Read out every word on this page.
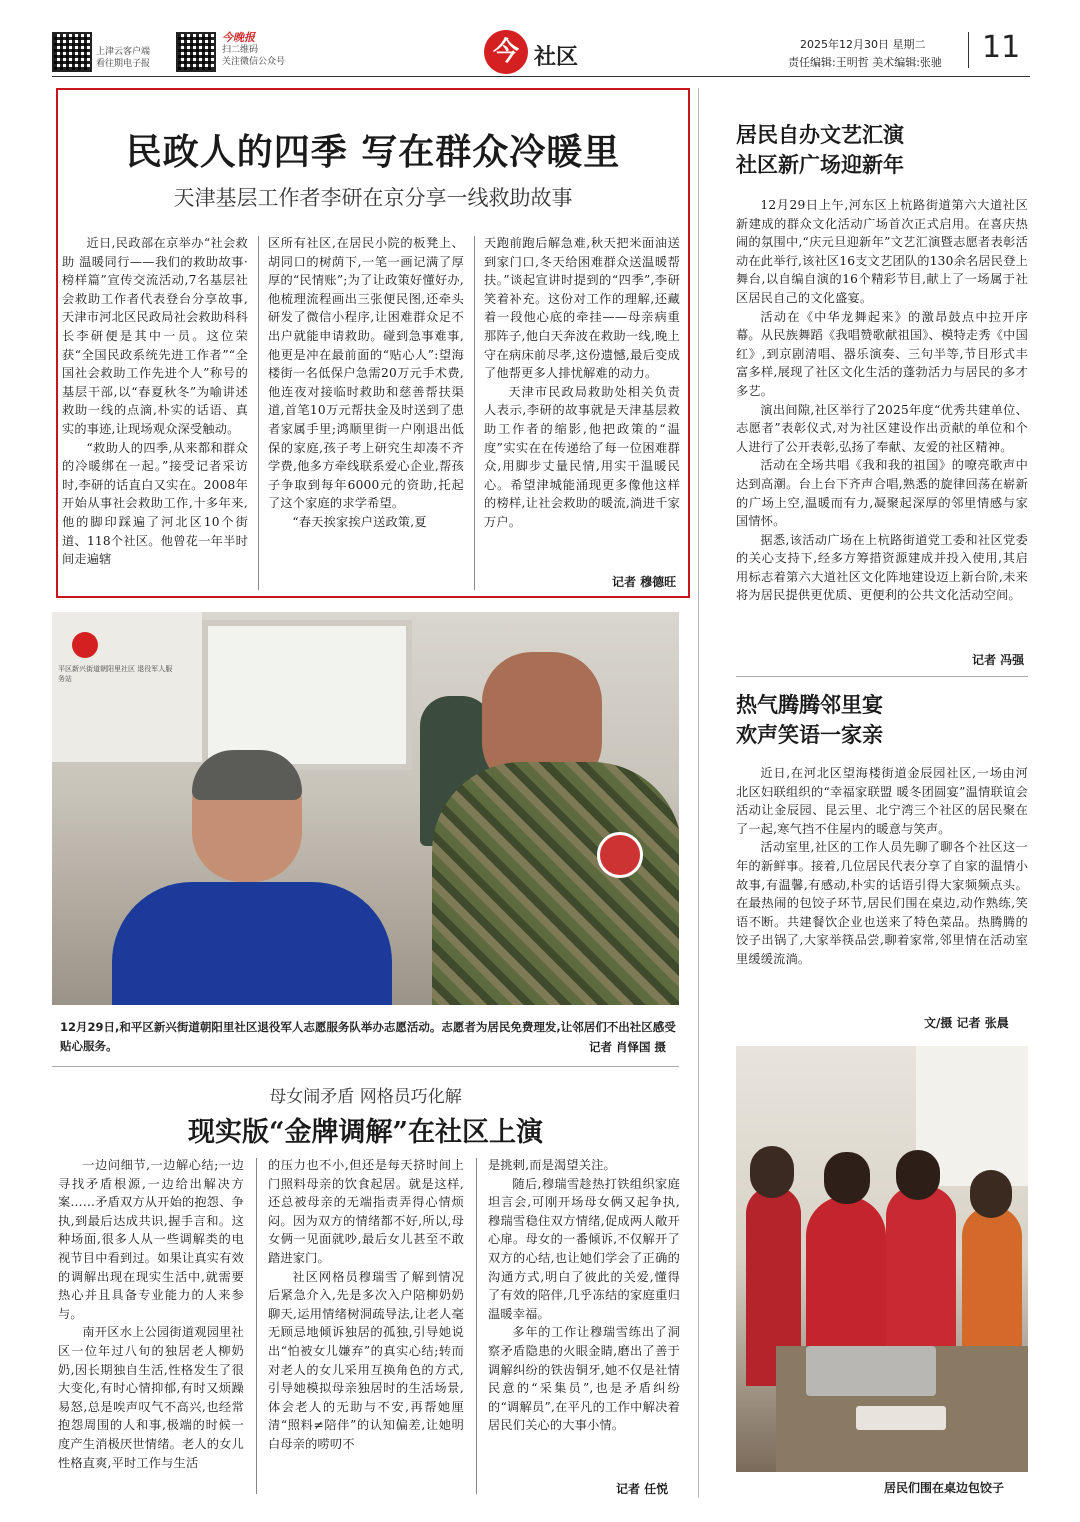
上津云客户端
看往期电子报
今晚报
扫二维码
关注微信公众号	今 社区
2025年12月30日 星期二
责任编辑:王明哲 美术编辑:张驰 11
民政人的四季 写在群众冷暖里
天津基层工作者李研在京分享一线救助故事

近日,民政部在京举办“社会救助 温暖同行——我们的救助故事·榜样篇”宣传交流活动,7名基层社会救助工作者代表登台分享故事,天津市河北区民政局社会救助科科长李研便是其中一员。这位荣获“全国民政系统先进工作者”“全国社会救助工作先进个人”称号的基层干部,以“春夏秋冬”为喻讲述救助一线的点滴,朴实的话语、真实的事迹,让现场观众深受触动。

“救助人的四季,从来都和群众的冷暖绑在一起。”接受记者采访时,李研的话直白又实在。2008年开始从事社会救助工作,十多年来,他的脚印踩遍了河北区10个街道、118个社区。他曾花一年半时间走遍辖

区所有社区,在居民小院的板凳上、胡同口的树荫下,一笔一画记满了厚厚的“民情账”;为了让政策好懂好办,他梳理流程画出三张便民图,还牵头研发了微信小程序,让困难群众足不出户就能申请救助。碰到急事难事,他更是冲在最前面的“贴心人”:望海楼街一名低保户急需20万元手术费,他连夜对接临时救助和慈善帮扶渠道,首笔10万元帮扶金及时送到了患者家属手里;鸿顺里街一户刚退出低保的家庭,孩子考上研究生却凑不齐学费,他多方牵线联系爱心企业,帮孩子争取到每年6000元的资助,托起了这个家庭的求学希望。

“春天挨家挨户送政策,夏

天跑前跑后解急难,秋天把米面油送到家门口,冬天给困难群众送温暖帮扶。”谈起宣讲时提到的“四季”,李研笑着补充。这份对工作的理解,还藏着一段他心底的牵挂——母亲病重那阵子,他白天奔波在救助一线,晚上守在病床前尽孝,这份遗憾,最后变成了他帮更多人排忧解难的动力。

天津市民政局救助处相关负责人表示,李研的故事就是天津基层救助工作者的缩影,他把政策的“温度”实实在在传递给了每一位困难群众,用脚步丈量民情,用实干温暖民心。希望津城能涌现更多像他这样的榜样,让社会救助的暖流,淌进千家万户。

记者 穆德旺
平区新兴街道朝阳里社区 退役军人服务站
12月29日,和平区新兴街道朝阳里社区退役军人志愿服务队举办志愿活动。志愿者为居民免费理发,让邻居们不出社区感受贴心服务。	记者 肖怿国 摄
母女闹矛盾 网格员巧化解
现实版“金牌调解”在社区上演

一边问细节,一边解心结;一边寻找矛盾根源,一边给出解决方案……矛盾双方从开始的抱怨、争执,到最后达成共识,握手言和。这种场面,很多人从一些调解类的电视节目中看到过。如果让真实有效的调解出现在现实生活中,就需要热心并且具备专业能力的人来参与。

南开区水上公园街道观园里社区一位年过八旬的独居老人柳奶奶,因长期独自生活,性格发生了很大变化,有时心情抑郁,有时又烦躁易怒,总是唉声叹气不高兴,也经常抱怨周围的人和事,极端的时候一度产生消极厌世情绪。老人的女儿性格直爽,平时工作与生活

的压力也不小,但还是每天挤时间上门照料母亲的饮食起居。就是这样,还总被母亲的无端指责弄得心情烦闷。因为双方的情绪都不好,所以,母女俩一见面就吵,最后女儿甚至不敢踏进家门。

社区网格员穆瑞雪了解到情况后紧急介入,先是多次入户陪柳奶奶聊天,运用情绪树洞疏导法,让老人毫无顾忌地倾诉独居的孤独,引导她说出“怕被女儿嫌弃”的真实心结;转而对老人的女儿采用互换角色的方式,引导她模拟母亲独居时的生活场景,体会老人的无助与不安,再帮她厘清“照料≠陪伴”的认知偏差,让她明白母亲的唠叨不

是挑剌,而是渴望关注。

随后,穆瑞雪趁热打铁组织家庭坦言会,可刚开场母女俩又起争执,穆瑞雪稳住双方情绪,促成两人敞开心扉。母女的一番倾诉,不仅解开了双方的心结,也让她们学会了正确的沟通方式,明白了彼此的关爱,懂得了有效的陪伴,几乎冻结的家庭重归温暖幸福。

多年的工作让穆瑞雪练出了洞察矛盾隐患的火眼金睛,磨出了善于调解纠纷的铁齿铜牙,她不仅是社情民意的“采集员”,也是矛盾纠纷的“调解员”,在平凡的工作中解决着居民们关心的大事小情。

记者 任悦
居民自办文艺汇演
社区新广场迎新年

12月29日上午,河东区上杭路街道第六大道社区新建成的群众文化活动广场首次正式启用。在喜庆热闹的氛围中,“庆元旦迎新年”文艺汇演暨志愿者表彰活动在此举行,该社区16支文艺团队的130余名居民登上舞台,以自编自演的16个精彩节目,献上了一场属于社区居民自己的文化盛宴。

活动在《中华龙舞起来》的激昂鼓点中拉开序幕。从民族舞蹈《我唱赞歌献祖国》、模特走秀《中国红》,到京剧清唱、器乐演奏、三句半等,节目形式丰富多样,展现了社区文化生活的蓬勃活力与居民的多才多艺。

演出间隙,社区举行了2025年度“优秀共建单位、志愿者”表彰仪式,对为社区建设作出贡献的单位和个人进行了公开表彰,弘扬了奉献、友爱的社区精神。

活动在全场共唱《我和我的祖国》的嘹亮歌声中达到高潮。台上台下齐声合唱,熟悉的旋律回荡在崭新的广场上空,温暖而有力,凝聚起深厚的邻里情感与家国情怀。

据悉,该活动广场在上杭路街道党工委和社区党委的关心支持下,经多方筹措资源建成并投入使用,其启用标志着第六大道社区文化阵地建设迈上新台阶,未来将为居民提供更优质、更便利的公共文化活动空间。

记者 冯强
热气腾腾邻里宴
欢声笑语一家亲

近日,在河北区望海楼街道金辰园社区,一场由河北区妇联组织的“幸福家联盟 暖冬团圆宴”温情联谊会活动让金辰园、昆云里、北宁湾三个社区的居民聚在了一起,寒气挡不住屋内的暖意与笑声。

活动室里,社区的工作人员先聊了聊各个社区这一年的新鲜事。接着,几位居民代表分享了自家的温情小故事,有温馨,有感动,朴实的话语引得大家频频点头。在最热闹的包饺子环节,居民们围在桌边,动作熟练,笑语不断。共建餐饮企业也送来了特色菜品。热腾腾的饺子出锅了,大家举筷品尝,聊着家常,邻里情在活动室里缓缓流淌。

文/摄 记者 张晨
居民们围在桌边包饺子
